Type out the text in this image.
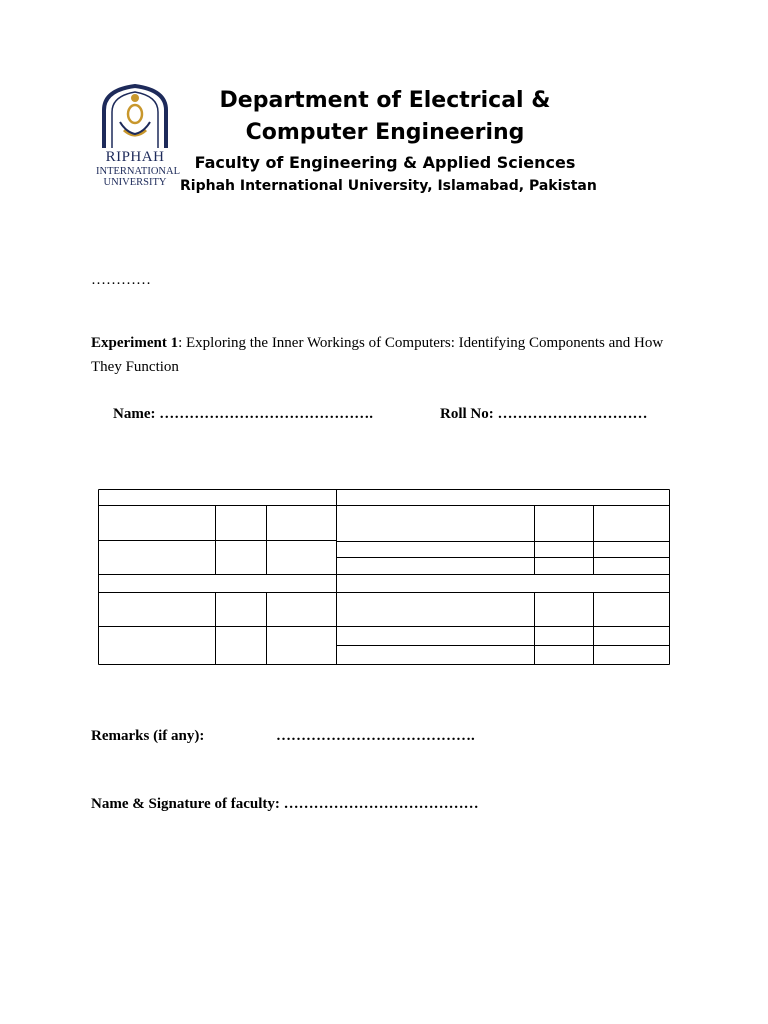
RIPHAH
INTERNATIONAL
UNIVERSITY
Department of Electrical &
Computer Engineering
Faculty of Engineering & Applied Sciences
Riphah International University, Islamabad, Pakistan
…………
Experiment 1: Exploring the Inner Workings of Computers: Identifying Components and How They Function
Name: …………………………………….	Roll No: …………………………
Remarks (if any):	………………………………….
Name & Signature of faculty: …………………………………
